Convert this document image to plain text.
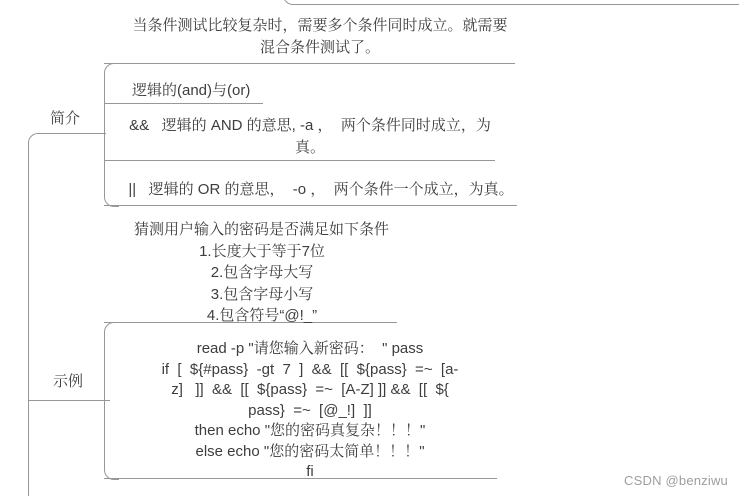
简介
当条件测试比较复杂时，需要多个条件同时成立。就需要
混合条件测试了。
逻辑的(and)与(or)
&&   逻辑的 AND 的意思, -a ，  两个条件同时成立，为
真。
||   逻辑的 OR 的意思，  -o ，  两个条件一个成立，为真。
示例
猜测用户输入的密码是否满足如下条件
1.长度大于等于7位
2.包含字母大写
3.包含字母小写
4.包含符号“@!_”
read -p "请您输入新密码：  " pass
if  [  ${#pass}  -gt  7  ]  &&  [[  ${pass}  =~  [a-
z]   ]]  &&  [[  ${pass}  =~  [A-Z] ]] &&  [[  ${
pass}  =~  [@_!]  ]]
then echo "您的密码真复杂！！！"
else echo "您的密码太简单！！！"
fi
CSDN @benziwu
